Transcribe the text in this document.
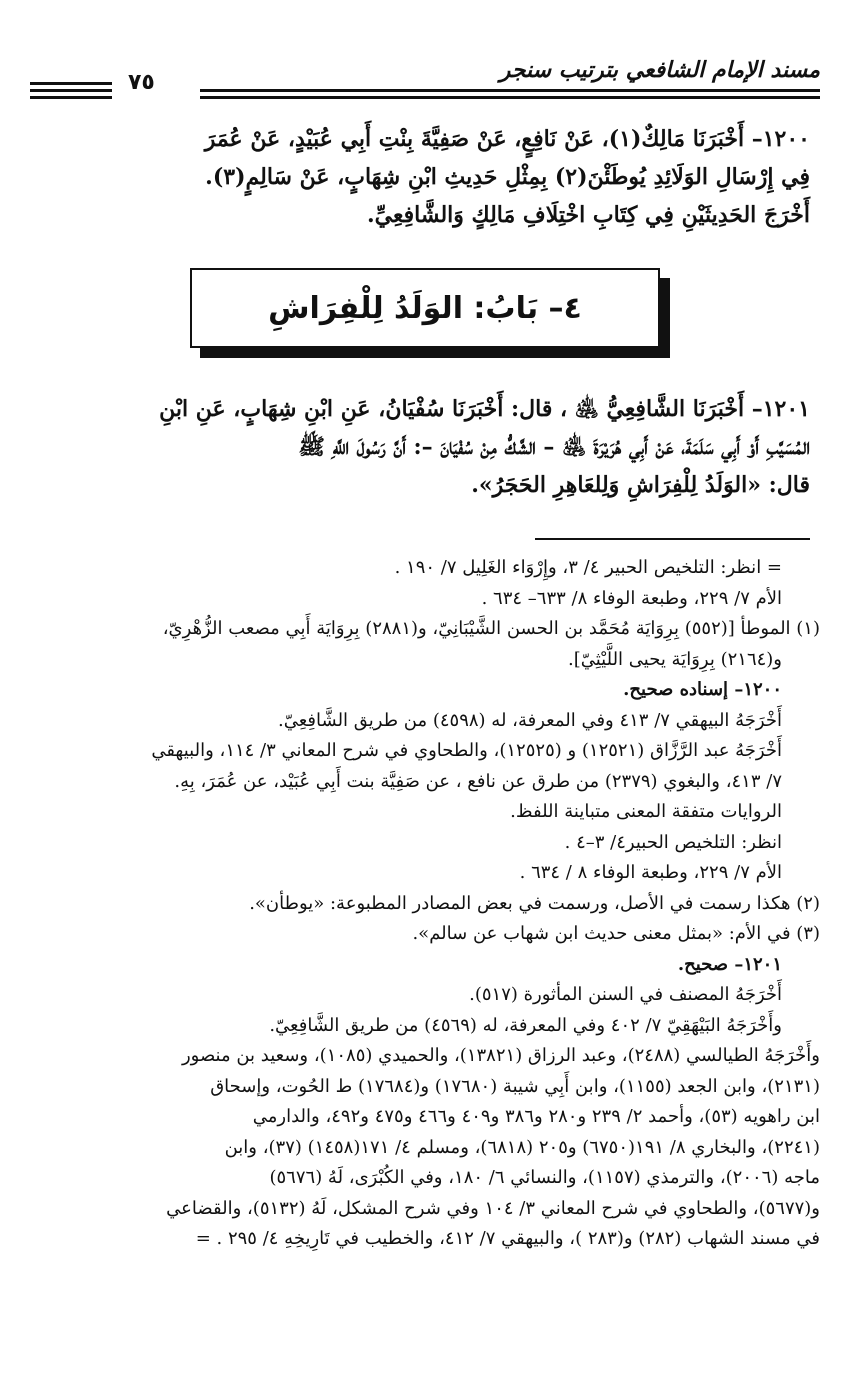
مسند الإمام الشافعي بترتيب سنجر
٧٥

١٢٠٠– أَخْبَرَنَا مَالِكٌ(١)، عَنْ نَافِعٍ، عَنْ صَفِيَّةَ بِنْتِ أَبِي عُبَيْدٍ، عَنْ عُمَرَ

فِي إِرْسَالِ الوَلَائِدِ يُوطَئْنَ(٢) بِمِثْلِ حَدِيثِ ابْنِ شِهَابٍ، عَنْ سَالِمٍ(٣).

أَخْرَجَ الحَدِيثَيْنِ فِي كِتَابِ اخْتِلَافِ مَالِكٍ وَالشَّافِعِيِّ.

٤– بَابُ: الوَلَدُ لِلْفِرَاشِ

١٢٠١– أَخْبَرَنَا الشَّافِعِيُّ ﵁ ، قال: أَخْبَرَنَا سُفْيَانُ، عَنِ ابْنِ شِهَابٍ، عَنِ ابْنِ

المُسَيَّبِ أَوْ أَبِي سَلَمَةَ، عَنْ أَبِي هُرَيْرَةَ ﵁ – الشَّكُّ مِنْ سُفْيَانَ –: أَنَّ رَسُولَ اللَّهِ ﷺ

قال: «الوَلَدُ لِلْفِرَاشِ وَلِلعَاهِرِ الحَجَرُ».

= انظر: التلخيص الحبير ٤/ ٣، وإِرْوَاء الغَلِيل ٧/ ١٩٠ .

الأم ٧/ ٢٢٩، وطبعة الوفاء ٨/ ٦٣٣– ٦٣٤ .

(١) الموطأ [(٥٥٢) بِرِوَايَة مُحَمَّد بن الحسن الشَّيْبَانِيّ، و(٢٨٨١) بِرِوَايَة أَبِي مصعب الزُّهْرِيّ،

و(٢١٦٤) بِرِوَايَة يحيى اللَّيْثِيّ].

١٢٠٠– إسناده صحيح.

أَخْرَجَهُ البيهقي ٧/ ٤١٣ وفي المعرفة، له (٤٥٩٨) من طريق الشَّافِعِيّ.

أَخْرَجَهُ عبد الرَّزَّاق (١٢٥٢١) و (١٢٥٢٥)، والطحاوي في شرح المعاني ٣/ ١١٤، والبيهقي

٧/ ٤١٣، والبغوي (٢٣٧٩) من طرق عن نافع ، عن صَفِيَّة بنت أَبِي عُبَيْد، عن عُمَرَ، بِهِ.

الروايات متفقة المعنى متباينة اللفظ.

انظر: التلخيص الحبير٤/ ٣–٤ .

الأم ٧/ ٢٢٩، وطبعة الوفاء ٨ / ٦٣٤ .

(٢) هكذا رسمت في الأصل، ورسمت في بعض المصادر المطبوعة: «يوطأن».

(٣) في الأم: «بمثل معنى حديث ابن شهاب عن سالم».

١٢٠١– صحيح.

أَخْرَجَهُ المصنف في السنن المأثورة (٥١٧).

وأَخْرَجَهُ البَيْهَقِيّ ٧/ ٤٠٢ وفي المعرفة، له (٤٥٦٩) من طريق الشَّافِعِيّ.

وأَخْرَجَهُ الطيالسي (٢٤٨٨)، وعبد الرزاق (١٣٨٢١)، والحميدي (١٠٨٥)، وسعيد بن منصور

(٢١٣١)، وابن الجعد (١١٥٥)، وابن أَبِي شيبة (١٧٦٨٠) و(١٧٦٨٤) ط الحُوت، وإسحاق

ابن راهويه (٥٣)، وأحمد ٢/ ٢٣٩ و٢٨٠ و٣٨٦ و٤٠٩ و٤٦٦ و٤٧٥ و٤٩٢، والدارمي

(٢٢٤١)، والبخاري ٨/ ١٩١(٦٧٥٠) و٢٠٥ (٦٨١٨)، ومسلم ٤/ ١٧١(١٤٥٨) (٣٧)، وابن

ماجه (٢٠٠٦)، والترمذي (١١٥٧)، والنسائي ٦/ ١٨٠، وفي الكُبْرَى، لَهُ (٥٦٧٦)

و(٥٦٧٧)، والطحاوي في شرح المعاني ٣/ ١٠٤ وفي شرح المشكل، لَهُ (٥١٣٢)، والقضاعي

في مسند الشهاب (٢٨٢) و(٢٨٣ )، والبيهقي ٧/ ٤١٢، والخطيب في تَارِيخِهِ ٤/ ٢٩٥ . =
